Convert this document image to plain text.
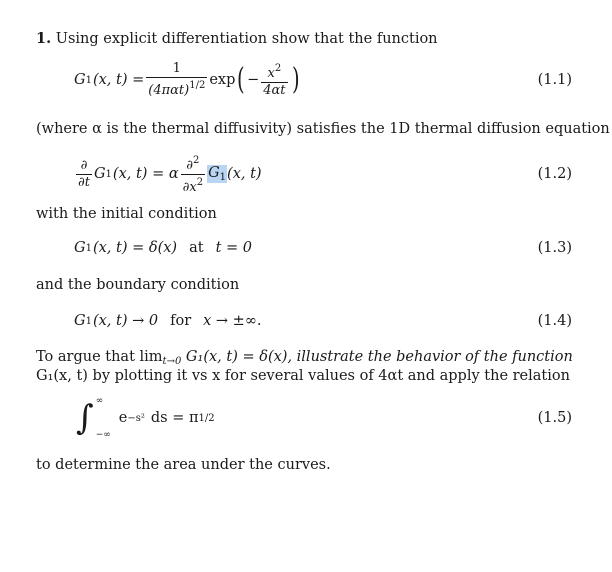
1. Using explicit differentiation show that the function
G 1 (x, $t) = \frac{1}{(4\pi\alpha t)^{1/2}}$ exp ( − $\frac{x^2}{4\alpha t}$ )	(1.1)
(where α is the thermal diffusivity) satisfies the 1D thermal diffusion equation
$\frac{\partial}{\partial t}$ G 1 (x, t) = α $\frac{\partial^2}{\partial x^2} G_1$ (x, t)	(1.2)
with the initial condition
G 1 (x, t) = δ(x) at t = 0	(1.3)
and the boundary condition
G 1 (x, t) → 0 for x → ±∞.	(1.4)
To argue that $\lim_{t\to 0} G_1(x$, t) = δ(x), illustrate the behavior of the function
G₁(x, t) by plotting it vs x for several values of 4αt and apply the relation
∫ ∞
−∞
e −s² ds = π 1/2	(1.5)
to determine the area under the curves.
